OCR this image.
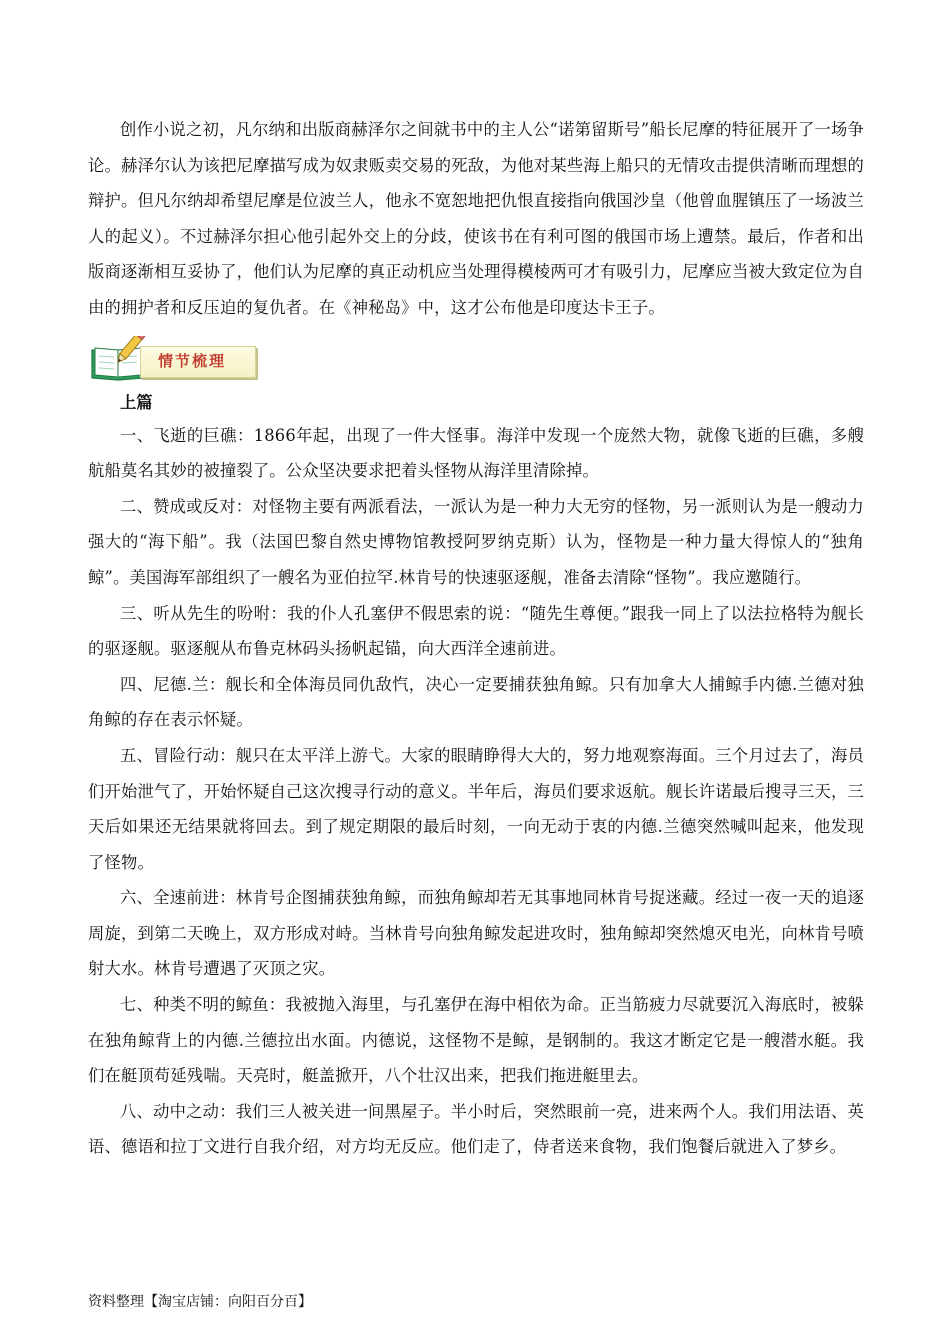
创作小说之初，凡尔纳和出版商赫泽尔之间就书中的主人公“诺第留斯号”船长尼摩的特征展开了一场争论。赫泽尔认为该把尼摩描写成为奴隶贩卖交易的死敌，为他对某些海上船只的无情攻击提供清晰而理想的辩护。但凡尔纳却希望尼摩是位波兰人，他永不宽恕地把仇恨直接指向俄国沙皇（他曾血腥镇压了一场波兰人的起义）。不过赫泽尔担心他引起外交上的分歧，使该书在有利可图的俄国市场上遭禁。最后，作者和出版商逐渐相互妥协了，他们认为尼摩的真正动机应当处理得模棱两可才有吸引力，尼摩应当被大致定位为自由的拥护者和反压迫的复仇者。在《神秘岛》中，这才公布他是印度达卡王子。

情节梳理

上篇

一、飞逝的巨礁：1866年起，出现了一件大怪事。海洋中发现一个庞然大物，就像飞逝的巨礁，多艘航船莫名其妙的被撞裂了。公众坚决要求把着头怪物从海洋里清除掉。

二、赞成或反对：对怪物主要有两派看法，一派认为是一种力大无穷的怪物，另一派则认为是一艘动力强大的“海下船”。我（法国巴黎自然史博物馆教授阿罗纳克斯）认为，怪物是一种力量大得惊人的“独角鲸”。美国海军部组织了一艘名为亚伯拉罕.林肯号的快速驱逐舰，准备去清除“怪物”。我应邀随行。

三、听从先生的吩咐：我的仆人孔塞伊不假思索的说：“随先生尊便。”跟我一同上了以法拉格特为舰长的驱逐舰。驱逐舰从布鲁克林码头扬帆起锚，向大西洋全速前进。

四、尼德.兰：舰长和全体海员同仇敌忾，决心一定要捕获独角鲸。只有加拿大人捕鲸手内德.兰德对独角鲸的存在表示怀疑。

五、冒险行动：舰只在太平洋上游弋。大家的眼睛睁得大大的，努力地观察海面。三个月过去了，海员们开始泄气了，开始怀疑自己这次搜寻行动的意义。半年后，海员们要求返航。舰长许诺最后搜寻三天，三天后如果还无结果就将回去。到了规定期限的最后时刻，一向无动于衷的内德.兰德突然喊叫起来，他发现了怪物。

六、全速前进：林肯号企图捕获独角鲸，而独角鲸却若无其事地同林肯号捉迷藏。经过一夜一天的追逐周旋，到第二天晚上，双方形成对峙。当林肯号向独角鲸发起进攻时，独角鲸却突然熄灭电光，向林肯号喷射大水。林肯号遭遇了灭顶之灾。

七、种类不明的鲸鱼：我被抛入海里，与孔塞伊在海中相依为命。正当筋疲力尽就要沉入海底时，被躲在独角鲸背上的内德.兰德拉出水面。内德说，这怪物不是鲸，是钢制的。我这才断定它是一艘潜水艇。我们在艇顶苟延残喘。天亮时，艇盖掀开，八个壮汉出来，把我们拖进艇里去。

八、动中之动：我们三人被关进一间黑屋子。半小时后，突然眼前一亮，进来两个人。我们用法语、英语、德语和拉丁文进行自我介绍，对方均无反应。他们走了，侍者送来食物，我们饱餐后就进入了梦乡。

资料整理【淘宝店铺：向阳百分百】
